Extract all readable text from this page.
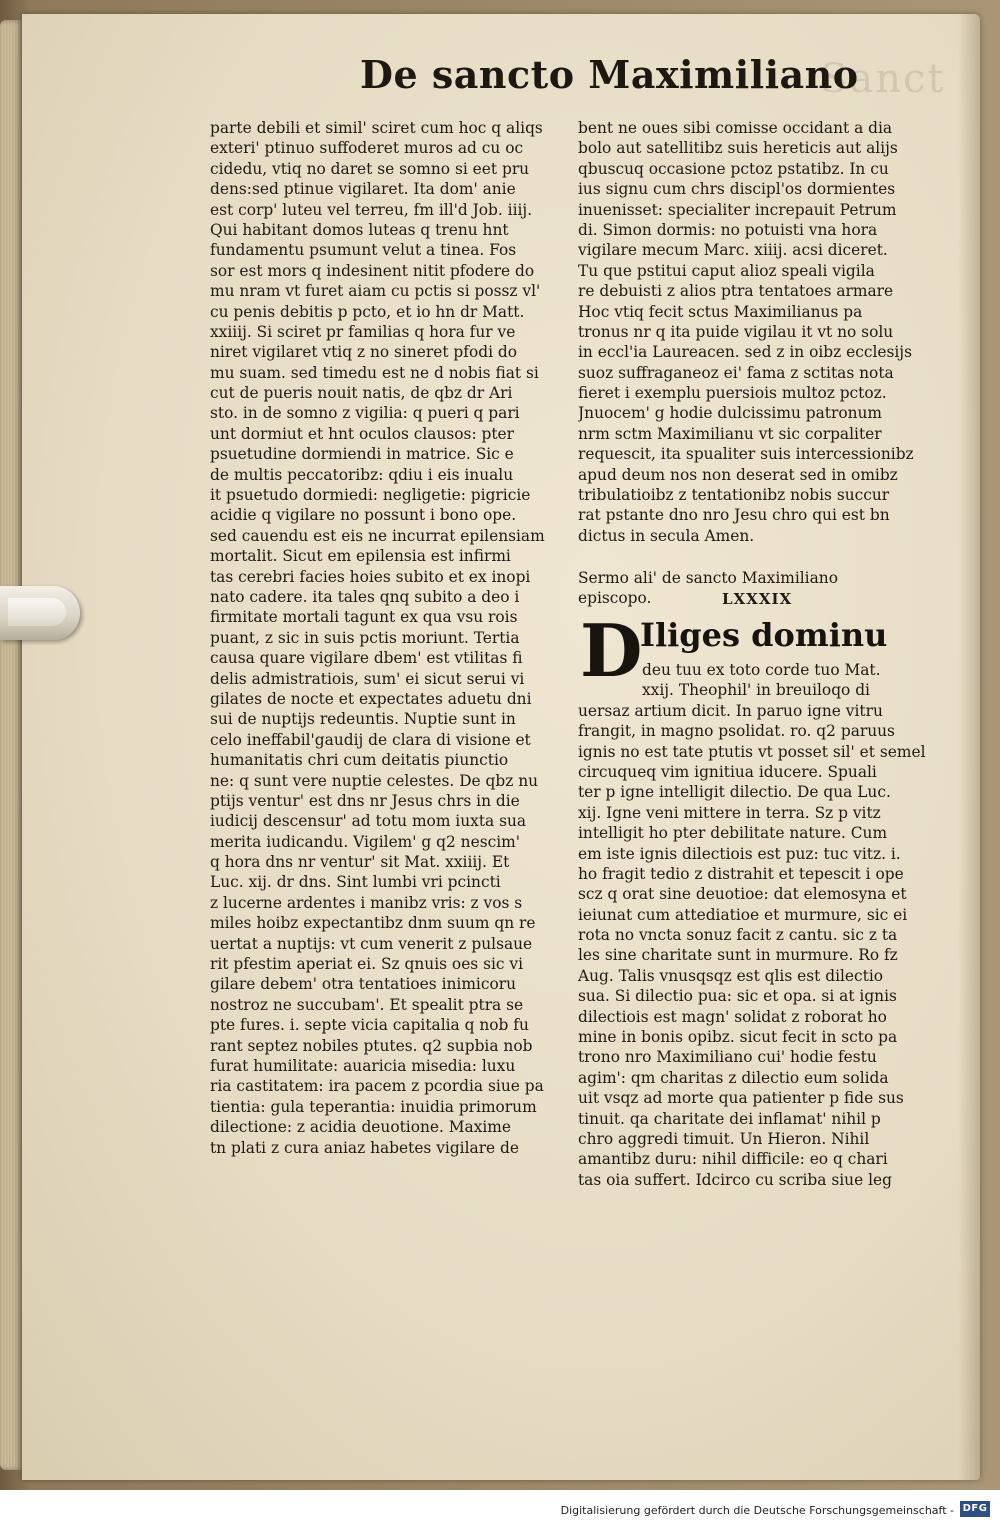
Sanct
De sancto Maximiliano
parte debili et simil' sciret cum hoc q aliqs
exteri' ptinuo suffoderet muros ad cu oc
cidedu, vtiq no daret se somno si eet pru
dens:sed ptinue vigilaret. Ita dom' anie
est corp' luteu vel terreu, fm ill'd Job. iiij.
Qui habitant domos luteas q trenu hnt
fundamentu psumunt velut a tinea. Fos
sor est mors q indesinent nitit pfodere do
mu nram vt furet aiam cu pctis si possz vl'
cu penis debitis p pcto, et io hn dr Matt.
xxiiij. Si sciret pr familias q hora fur ve
niret vigilaret vtiq z no sineret pfodi do
mu suam. sed timedu est ne d nobis fiat si
cut de pueris nouit natis, de qbz dr Ari
sto. in de somno z vigilia: q pueri q pari
unt dormiut et hnt oculos clausos: pter
psuetudine dormiendi in matrice. Sic e
de multis peccatoribz: qdiu i eis inualu
it psuetudo dormiedi: negligetie: pigricie
acidie q vigilare no possunt i bono ope.
sed cauendu est eis ne incurrat epilensiam
mortalit. Sicut em epilensia est infirmi
tas cerebri facies hoies subito et ex inopi
nato cadere. ita tales qnq subito a deo i
firmitate mortali tagunt ex qua vsu rois
puant, z sic in suis pctis moriunt. Tertia
causa quare vigilare dbem' est vtilitas fi
delis admistratiois, sum' ei sicut serui vi
gilates de nocte et expectates aduetu dni
sui de nuptijs redeuntis. Nuptie sunt in
celo ineffabil'gaudij de clara di visione et
humanitatis chri cum deitatis piunctio
ne: q sunt vere nuptie celestes. De qbz nu
ptijs ventur' est dns nr Jesus chrs in die
iudicij descensur' ad totu mom iuxta sua
merita iudicandu. Vigilem' g q2 nescim'
q hora dns nr ventur' sit Mat. xxiiij. Et
Luc. xij. dr dns. Sint lumbi vri pcincti
z lucerne ardentes i manibz vris: z vos s
miles hoibz expectantibz dnm suum qn re
uertat a nuptijs: vt cum venerit z pulsaue
rit pfestim aperiat ei. Sz qnuis oes sic vi
gilare debem' otra tentatioes inimicoru
nostroz ne succubam'. Et spealit ptra se
pte fures. i. septe vicia capitalia q nob fu
rant septez nobiles ptutes. q2 supbia nob
furat humilitate: auaricia misedia: luxu
ria castitatem: ira pacem z pcordia siue pa
tientia: gula teperantia: inuidia primorum
dilectione: z acidia deuotione. Maxime
tn plati z cura aniaz habetes vigilare de
bent ne oues sibi comisse occidant a dia
bolo aut satellitibz suis hereticis aut alijs
qbuscuq occasione pctoz pstatibz. In cu
ius signu cum chrs discipl'os dormientes
inuenisset: specialiter increpauit Petrum
di. Simon dormis: no potuisti vna hora
vigilare mecum Marc. xiiij. acsi diceret.
Tu que pstitui caput alioz speali vigila
re debuisti z alios ptra tentatoes armare
Hoc vtiq fecit sctus Maximilianus pa
tronus nr q ita puide vigilau it vt no solu
in eccl'ia Laureacen. sed z in oibz ecclesijs
suoz suffraganeoz ei' fama z sctitas nota
fieret i exemplu puersiois multoz pctoz.
Jnuocem' g hodie dulcissimu patronum
nrm sctm Maximilianu vt sic corpaliter
requescit, ita spualiter suis intercessionibz
apud deum nos non deserat sed in omibz
tribulatioibz z tentationibz nobis succur
rat pstante dno nro Jesu chro qui est bn
dictus in secula Amen.
Sermo ali' de sancto Maximiliano
episcopo.	LXXXIX
D
Iliges dominu
deu tuu ex toto corde tuo Mat.
xxij. Theophil' in breuiloqo di
uersaz artium dicit. In paruo igne vitru
frangit, in magno psolidat. ro. q2 paruus
ignis no est tate ptutis vt posset sil' et semel
circuqueq vim ignitiua iducere. Spuali
ter p igne intelligit dilectio. De qua Luc.
xij. Igne veni mittere in terra. Sz p vitz
intelligit ho pter debilitate nature. Cum
em iste ignis dilectiois est puz: tuc vitz. i.
ho fragit tedio z distrahit et tepescit i ope
scz q orat sine deuotioe: dat elemosyna et
ieiunat cum attediatioe et murmure, sic ei
rota no vncta sonuz facit z cantu. sic z ta
les sine charitate sunt in murmure. Ro fz
Aug. Talis vnusqsqz est qlis est dilectio
sua. Si dilectio pua: sic et opa. si at ignis
dilectiois est magn' solidat z roborat ho
mine in bonis opibz. sicut fecit in scto pa
trono nro Maximiliano cui' hodie festu
agim': qm charitas z dilectio eum solida
uit vsqz ad morte qua patienter p fide sus
tinuit. qa charitate dei inflamat' nihil p
chro aggredi timuit. Un Hieron. Nihil
amantibz duru: nihil difficile: eo q chari
tas oia suffert. Idcirco cu scriba siue leg
Digitalisierung gefördert durch die Deutsche Forschungsgemeinschaft - DFG
